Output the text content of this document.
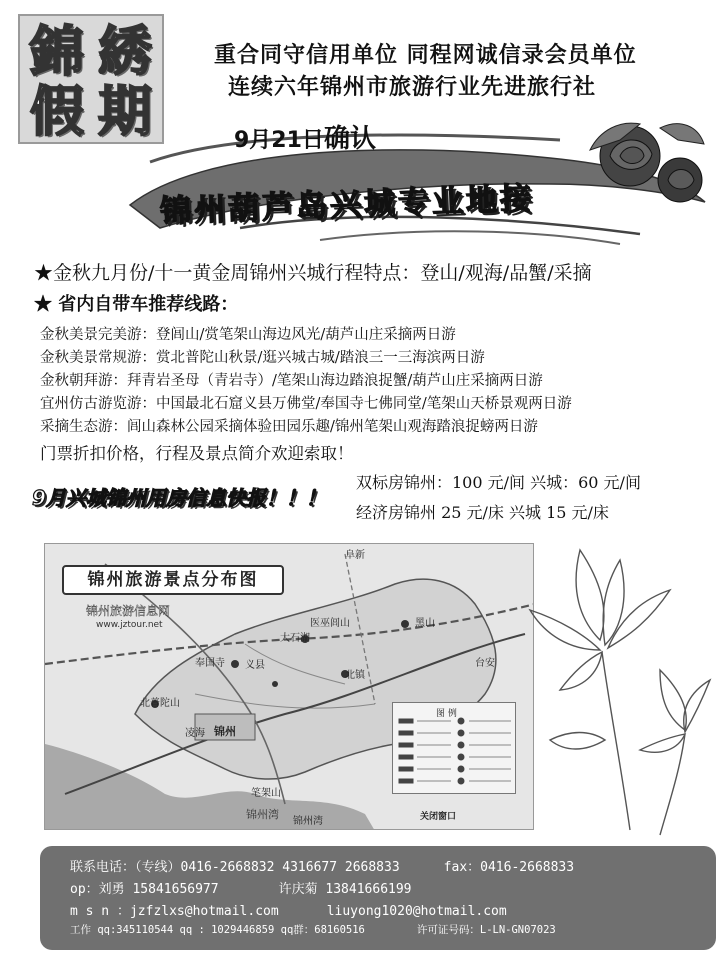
錦 綉
假 期
重合同守信用单位 同程网诚信录会员单位
连续六年锦州市旅游行业先进旅行社
9月21日确认
锦州葫芦岛兴城专业地接
★金秋九月份/十一黄金周锦州兴城行程特点：登山/观海/品蟹/采摘
★ 省内自带车推荐线路：
金秋美景完美游：登闾山/赏笔架山海边风光/葫芦山庄采摘两日游
金秋美景常规游：赏北普陀山秋景/逛兴城古城/踏浪三一三海滨两日游
金秋朝拜游：拜青岩圣母（青岩寺）/笔架山海边踏浪捉蟹/葫芦山庄采摘两日游
宜州仿古游览游：中国最北石窟义县万佛堂/奉国寺七佛同堂/笔架山天桥景观两日游
采摘生态游：闾山森林公园采摘体验田园乐趣/锦州笔架山观海踏浪捉螃两日游
门票折扣价格，行程及景点简介欢迎索取！
9月兴城锦州用房信息快报！！！
双标房锦州：100 元/间 兴城：60 元/间
经济房锦州 25 元/床 兴城 15 元/床
大石湖
奉国寺 义县
北镇
黑山
凌海
锦州湾
笔架山
北普陀山
医巫闾山
阜新
台安
锦州旅游景点分布图
锦州旅游信息网
www.jztour.net
锦州
锦州湾
图 例
关闭窗口
联系电话：（专线）0416-2668832 4316677 2668833	fax：0416-2668833
op：刘勇 15841656977	许庆菊 13841666199
m s n ：jzfzlxs@hotmail.com	liuyong1020@hotmail.com
工作 qq:345110544 qq : 1029446859 qq群：68160516	许可证号码：L-LN-GN07023
